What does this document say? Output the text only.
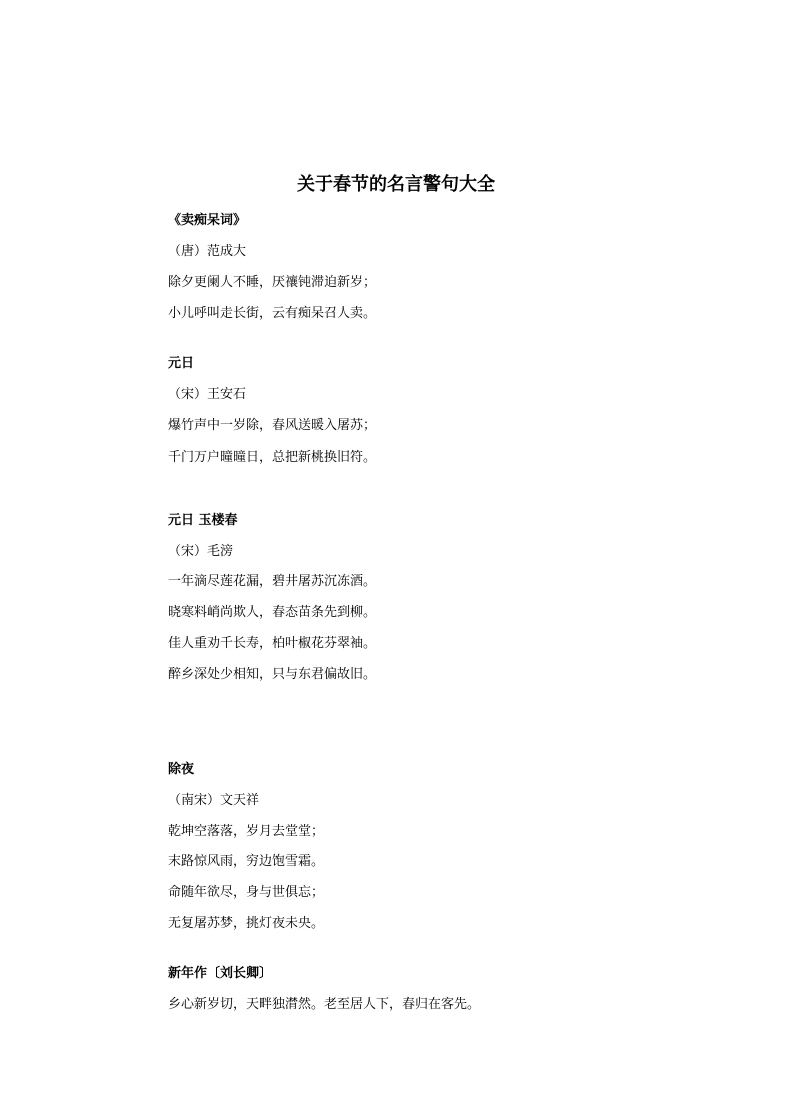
关于春节的名言警句大全
《卖痴呆词》
（唐）范成大
除夕更阑人不睡，厌禳钝滞迫新岁；
小儿呼叫走长街，云有痴呆召人卖。
元日
（宋）王安石
爆竹声中一岁除，春风送暖入屠苏；
千门万户曈曈日，总把新桃换旧符。
元日 玉楼春
（宋）毛滂
一年滴尽莲花漏，碧井屠苏沉冻酒。
晓寒料峭尚欺人，春态苗条先到柳。
佳人重劝千长寿，柏叶椒花芬翠袖。
醉乡深处少相知，只与东君偏故旧。
除夜
（南宋）文天祥
乾坤空落落，岁月去堂堂；
末路惊风雨，穷边饱雪霜。
命随年欲尽，身与世俱忘；
无复屠苏梦，挑灯夜未央。
新年作〔刘长卿〕
乡心新岁切，天畔独潸然。老至居人下，春归在客先。
